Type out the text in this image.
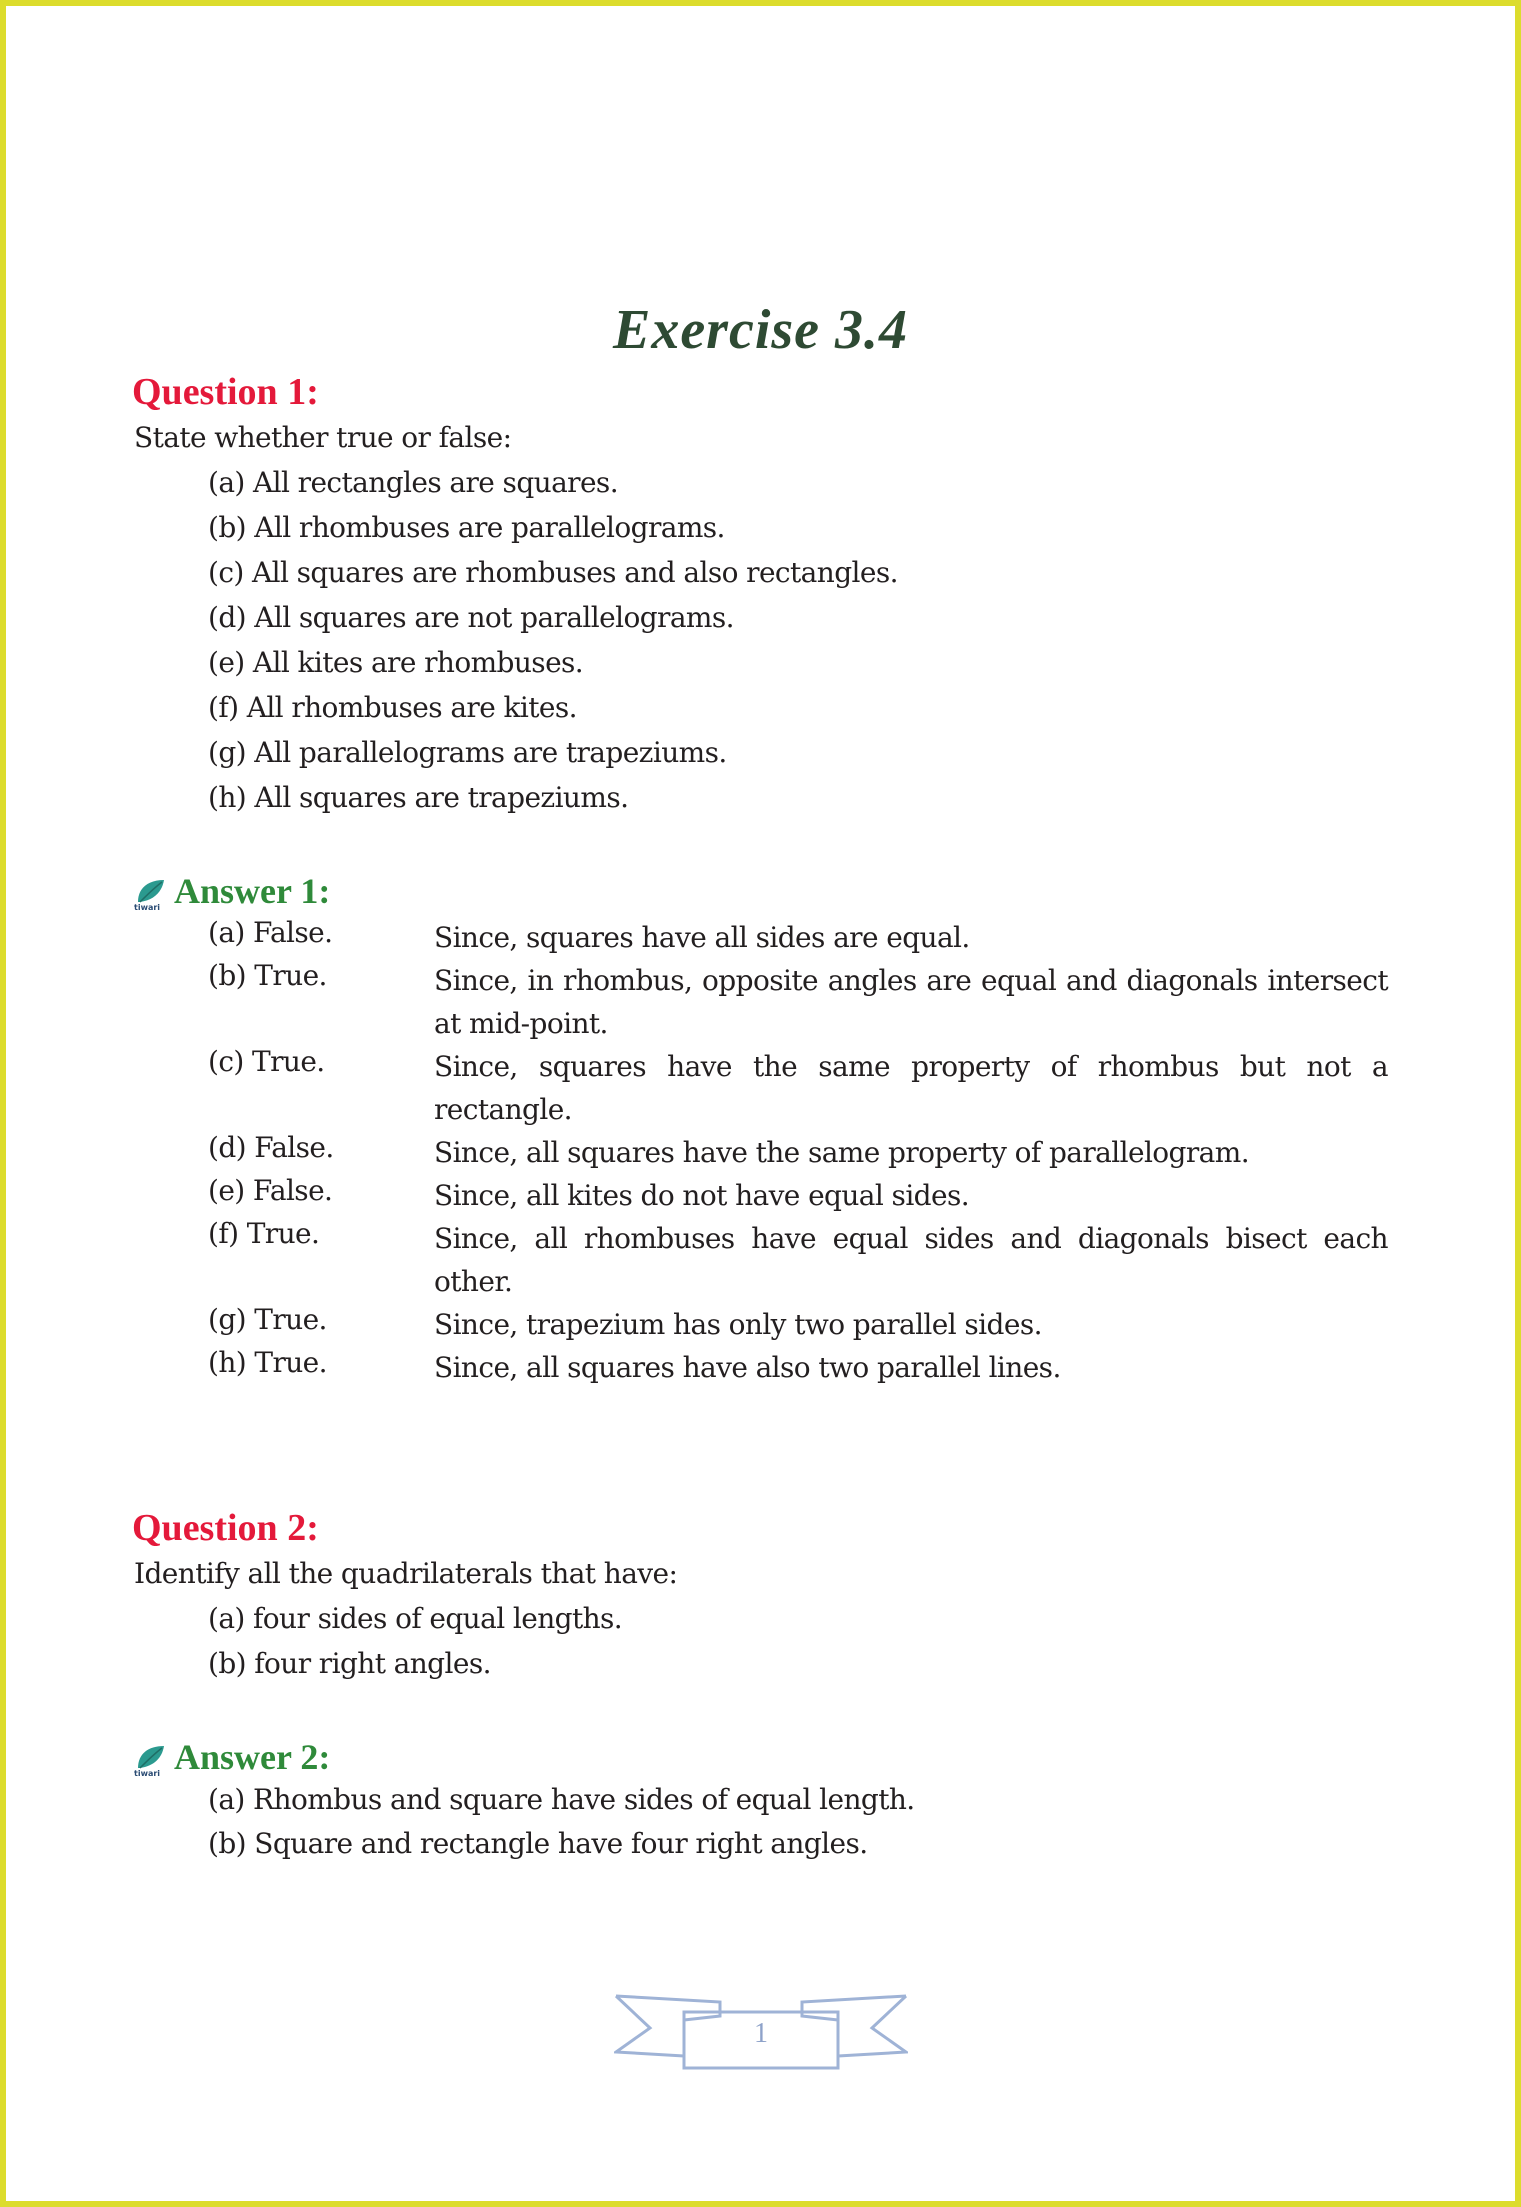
Exercise 3.4
Question 1:
State whether true or false:
(a) All rectangles are squares.
(b) All rhombuses are parallelograms.
(c) All squares are rhombuses and also rectangles.
(d) All squares are not parallelograms.
(e) All kites are rhombuses.
(f) All rhombuses are kites.
(g) All parallelograms are trapeziums.
(h) All squares are trapeziums.
tiwari Answer 1:
(a) False.	Since, squares have all sides are equal.
(b) True.	Since, in rhombus, opposite angles are equal and diagonals intersect at mid-point.
(c) True.	Since, squares have the same property of rhombus but not a rectangle.
(d) False.	Since, all squares have the same property of parallelogram.
(e) False.	Since, all kites do not have equal sides.
(f) True.	Since, all rhombuses have equal sides and diagonals bisect each other.
(g) True.	Since, trapezium has only two parallel sides.
(h) True.	Since, all squares have also two parallel lines.
Question 2:
Identify all the quadrilaterals that have:
(a) four sides of equal lengths.
(b) four right angles.
tiwari Answer 2:
(a) Rhombus and square have sides of equal length.
(b) Square and rectangle have four right angles.
1
